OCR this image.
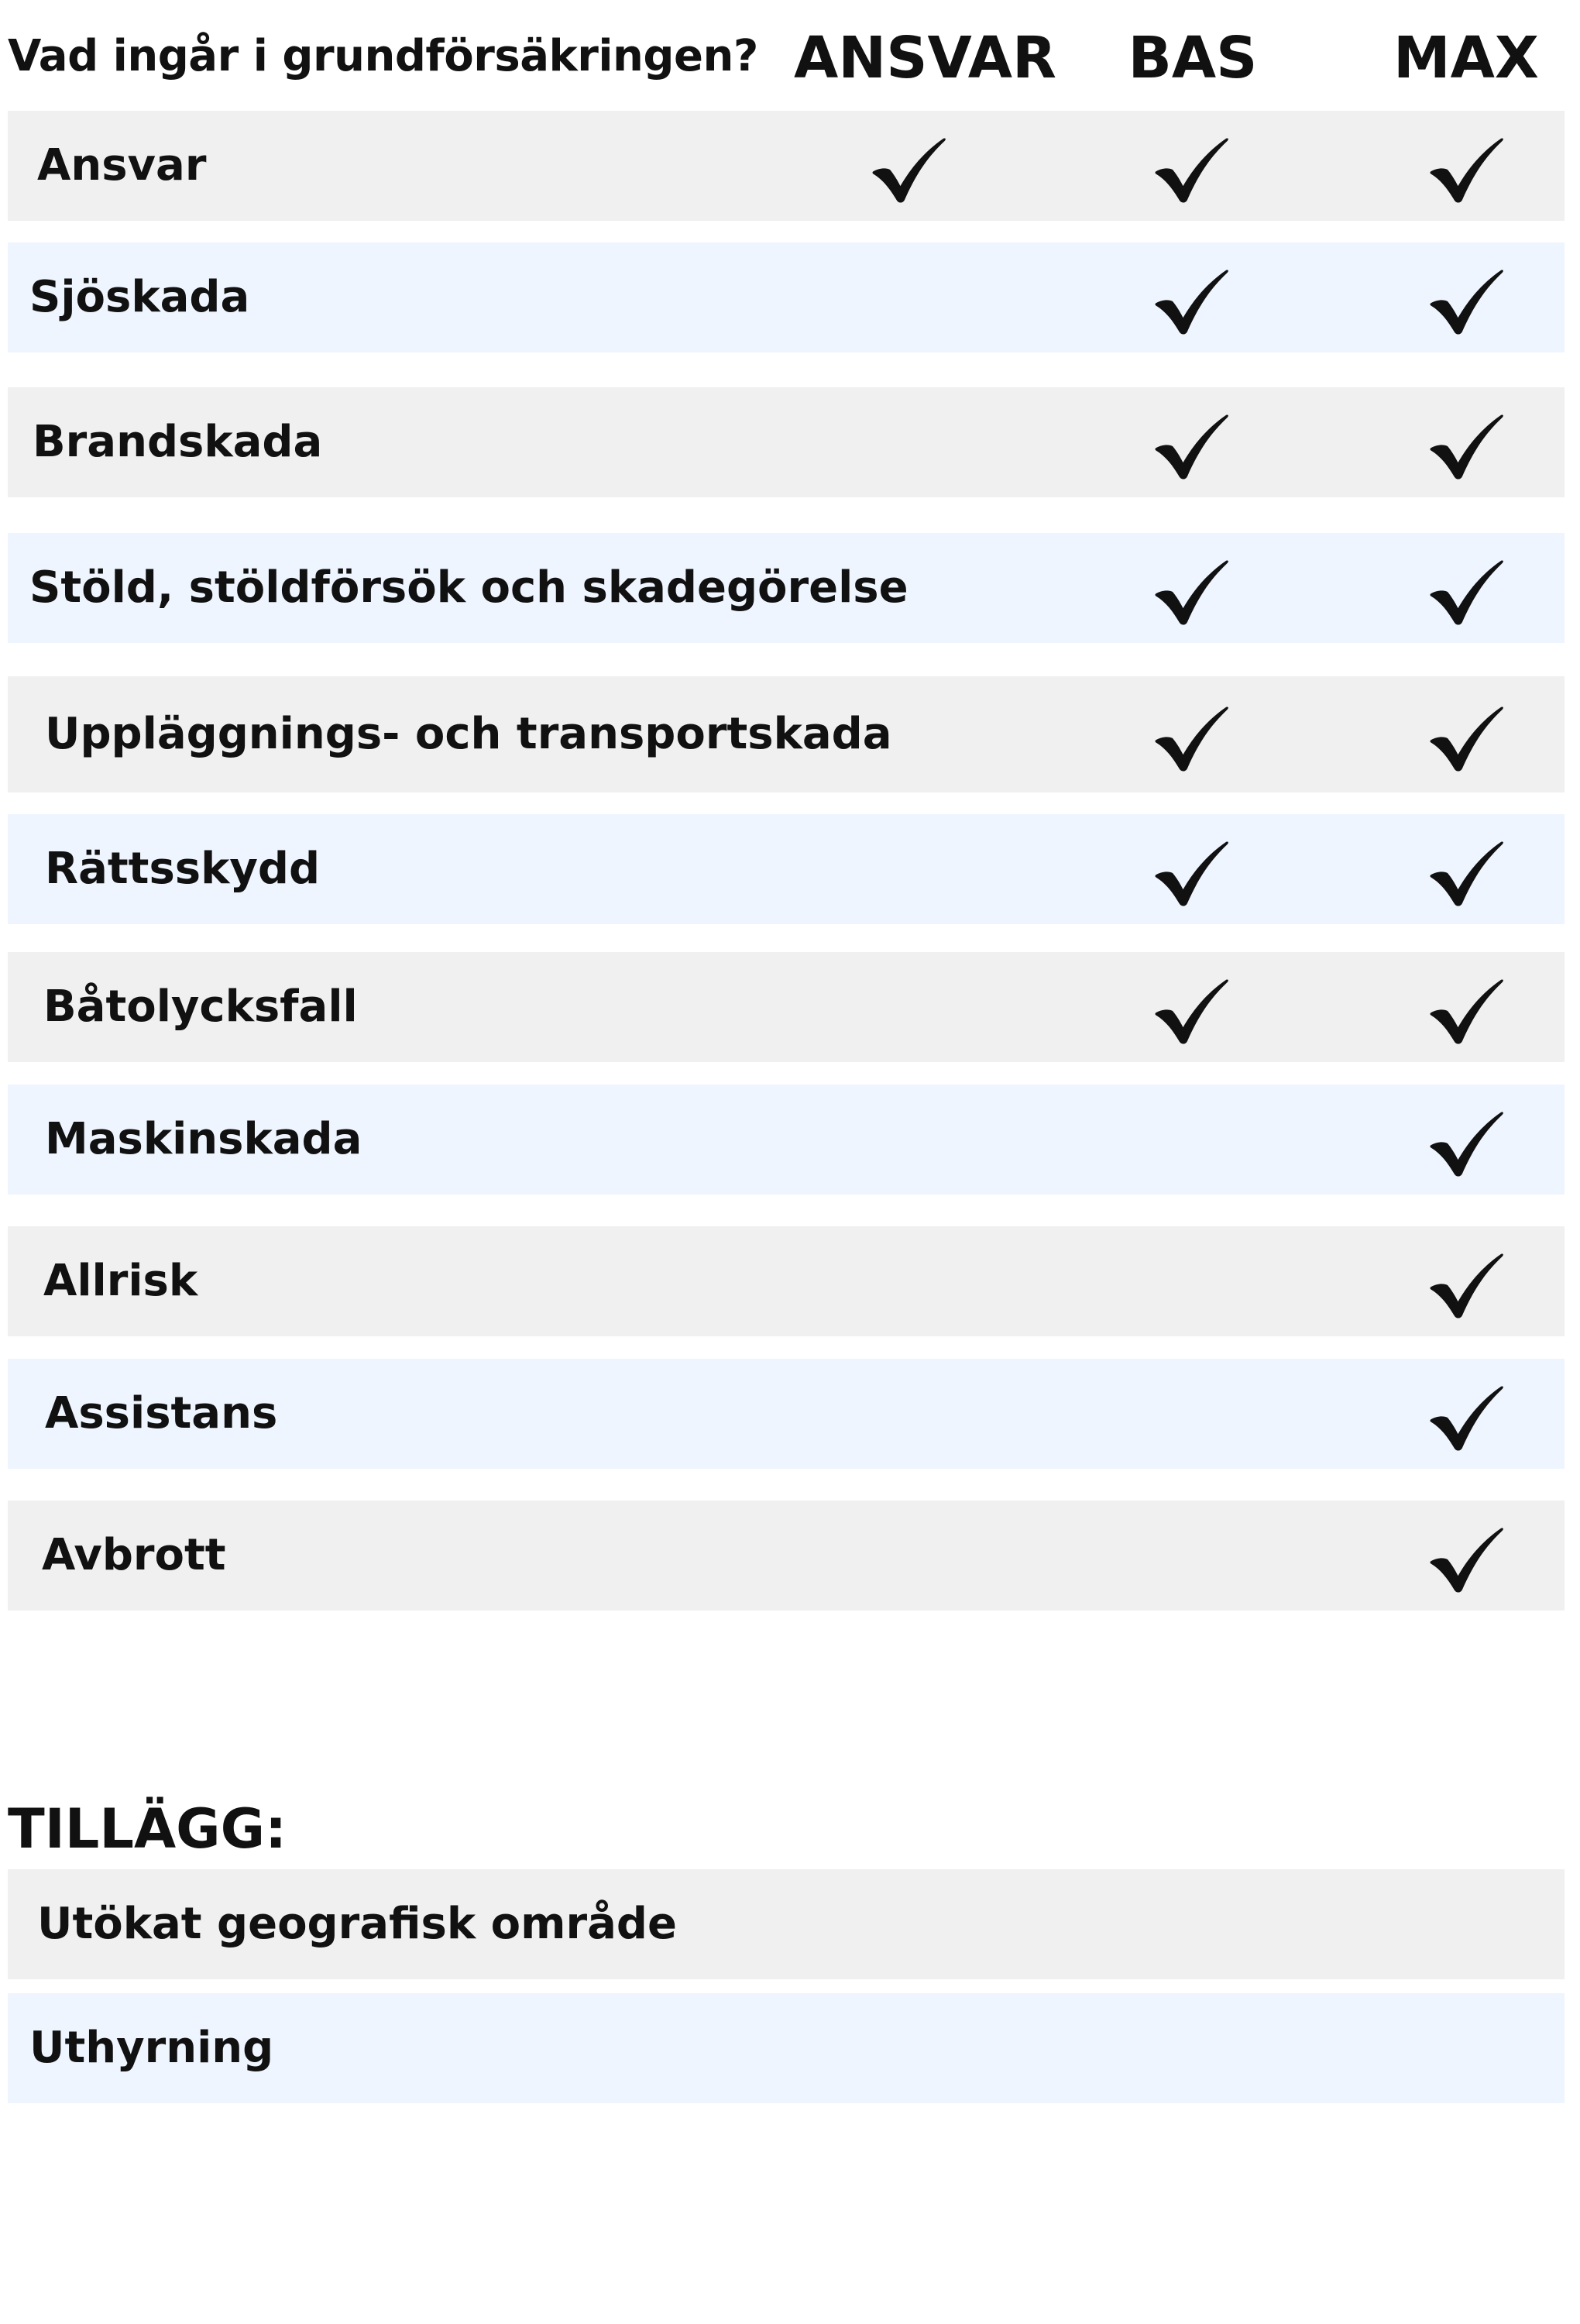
Vad ingår i grundförsäkringen? ANSVAR	BAS	MAX
Ansvar
Sjöskada
Brandskada
Stöld, stöldförsök och skadegörelse
Uppläggnings- och transportskada
Rättsskydd
Båtolycksfall
Maskinskada
Allrisk
Assistans
Avbrott
TILLÄGG:
Utökat geografisk område
Uthyrning
